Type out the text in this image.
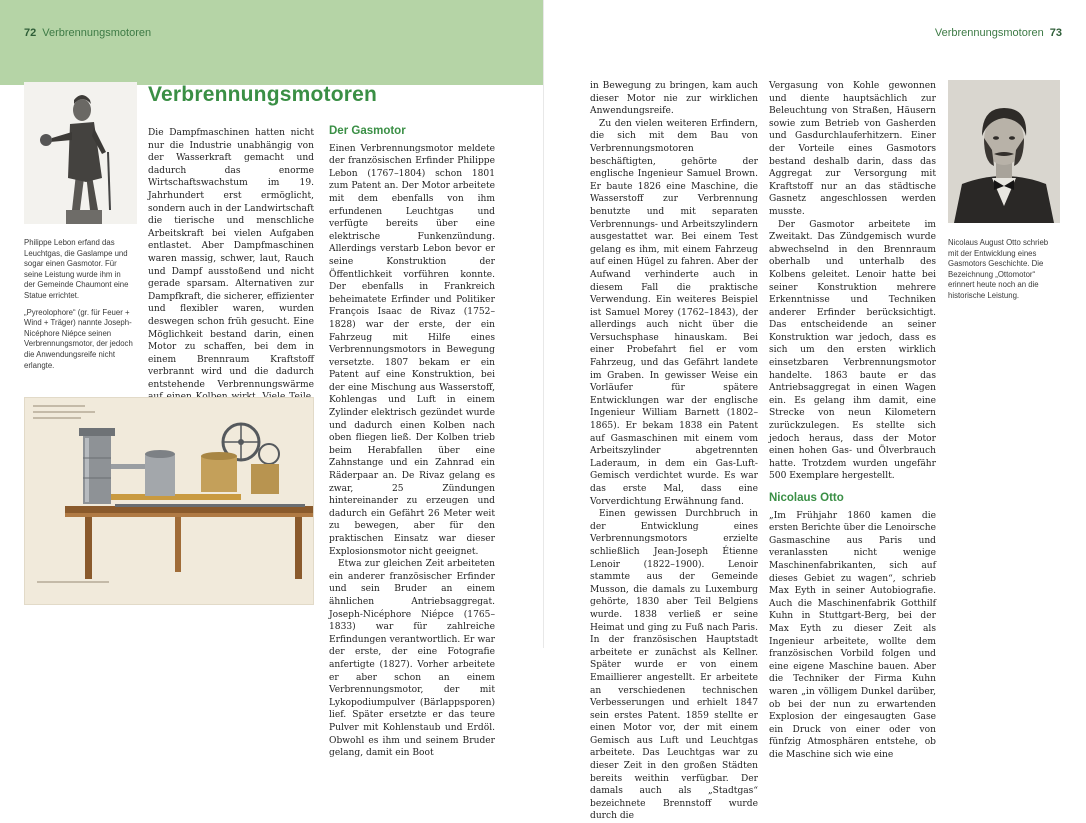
72 Verbrennungsmotoren	Verbrennungsmotoren 73
Verbrennungsmotoren

Philippe Lebon erfand das Leuchtgas, die Gaslampe und sogar einen Gasmotor. Für seine Leistung wurde ihm in der Gemeinde Chaumont eine Statue errichtet.

„Pyreolophore“ (gr. für Feuer + Wind + Träger) nannte Joseph-Nicéphore Niépce seinen Verbrennungsmotor, der jedoch die Anwendungsreife nicht erlangte.

Die Dampfmaschinen hatten nicht nur die Industrie unabhängig von der Wasserkraft gemacht und dadurch das enorme Wirtschaftswachstum im 19. Jahrhundert erst ermöglicht, sondern auch in der Landwirtschaft die tierische und menschliche Arbeitskraft bei vielen Aufgaben entlastet. Aber Dampfmaschinen waren massig, schwer, laut, Rauch und Dampf ausstoßend und nicht gerade sparsam. Alternativen zur Dampfkraft, die sicherer, effizienter und flexibler waren, wurden deswegen schon früh gesucht. Eine Möglichkeit bestand darin, einen Motor zu schaffen, bei dem in einem Brennraum Kraftstoff verbrannt wird und die dadurch entstehende Verbrennungswärme

Der Gasmotor

Einen Verbrennungsmotor meldete der französischen Erfinder Philippe Lebon (1767–1804) schon 1801 zum Patent an. Der Motor arbeitete mit dem ebenfalls von ihm erfundenen Leuchtgas und verfügte bereits über eine elektrische Funkenzündung. Allerdings verstarb Lebon bevor er seine Konstruktion der Öffentlichkeit vorführen konnte. Der ebenfalls in Frankreich beheimatete Erfinder und Politiker François Isaac de Rivaz (1752–1828) war der erste, der ein Fahrzeug mit Hilfe eines Verbrennungsmotors in Bewegung versetzte. 1807 bekam er ein Patent auf eine Konstruktion, bei der eine Mischung aus Wasserstoff, Kohlengas und Luft in einem Zylinder elektrisch gezündet wurde und dadurch einen Kolben nach oben fliegen ließ. Der Kolben trieb beim Herabfallen über eine Zahnstange und ein Zahnrad ein Räderpaar an. De Rivaz gelang es zwar, 25 Zündungen hintereinander zu erzeugen und dadurch ein Gefährt 26 Meter weit zu bewegen, aber für den praktischen Einsatz war dieser Explosionsmotor nicht geeignet.

Etwa zur gleichen Zeit arbeiteten ein anderer französischer Erfinder und sein Bruder an einem ähnlichen Antriebsaggregat. Joseph-Nicéphore Niépce (1765–1833) war für zahlreiche Erfindungen verantwortlich. Er war der erste, der eine Fotografie anfertigte (1827). Vorher arbeitete er aber schon an einem Verbrennungsmotor, der mit Lykopodiumpulver (Bärlappsporen) lief. Später ersetzte er das teure Pulver mit Kohlenstaub und Erdöl. Obwohl es ihm und seinem Bruder gelang, damit ein Boot

in Bewegung zu bringen, kam auch dieser Motor nie zur wirklichen Anwendungsreife.

Zu den vielen weiteren Erfindern, die sich mit dem Bau von Verbrennungsmotoren beschäftigten, gehörte der englische Ingenieur Samuel Brown. Er baute 1826 eine Maschine, die Wasserstoff zur Verbrennung benutzte und mit separaten Verbrennungs- und Arbeitszylindern ausgestattet war. Bei einem Test gelang es ihm, mit einem Fahrzeug auf einen Hügel zu fahren. Aber der Aufwand verhinderte auch in diesem Fall die praktische Verwendung. Ein weiteres Beispiel ist Samuel Morey (1762–1843), der allerdings auch nicht über die Versuchsphase hinauskam. Bei einer Probefahrt fiel er vom Fahrzeug, und das Gefährt landete im Graben. In gewisser Weise ein Vorläufer für spätere Entwicklungen war der englische Ingenieur William Barnett (1802–1865). Er bekam 1838 ein Patent auf Gasmaschinen mit einem vom Arbeitszylinder abgetrennten Laderaum, in dem ein Gas-Luft-Gemisch verdichtet wurde. Es war das erste Mal, dass eine Vorverdichtung Erwähnung fand.

Einen gewissen Durchbruch in der Entwicklung eines Verbrennungsmotors erzielte schließlich Jean-Joseph Étienne Lenoir (1822–1900). Lenoir stammte aus der Gemeinde Musson, die damals zu Luxemburg gehörte, 1830 aber Teil Belgiens wurde. 1838 verließ er seine Heimat und ging zu Fuß nach Paris. In der französischen Hauptstadt arbeitete er zunächst als Kellner. Später wurde er von einem Emaillierer angestellt. Er arbeitete an verschiedenen technischen Verbesserungen und erhielt 1847 sein erstes Patent. 1859 stellte er einen Motor vor, der mit einem Gemisch aus Luft und Leuchtgas arbeitete. Das Leuchtgas war zu dieser Zeit in den großen Städten bereits weithin verfügbar. Der damals auch als „Stadtgas“ bezeichnete Brennstoff wurde durch die

Vergasung von Kohle gewonnen und diente hauptsächlich zur Beleuchtung von Straßen, Häusern sowie zum Betrieb von Gasherden und Gasdurchlauferhitzern. Einer der Vorteile eines Gasmotors bestand deshalb darin, dass das Aggregat zur Versorgung mit Kraftstoff nur an das städtische Gasnetz angeschlossen werden musste.

Der Gasmotor arbeitete im Zweitakt. Das Zündgemisch wurde abwechselnd in den Brennraum oberhalb und unterhalb des Kolbens geleitet. Lenoir hatte bei seiner Konstruktion mehrere Erkenntnisse und Techniken anderer Erfinder berücksichtigt. Das entscheidende an seiner Konstruktion war jedoch, dass es sich um den ersten wirklich einsetzbaren Verbrennungsmotor handelte. 1863 baute er das Antriebsaggregat in einen Wagen ein. Es gelang ihm damit, eine Strecke von neun Kilometern zurückzulegen. Es stellte sich jedoch heraus, dass der Motor einen hohen Gas- und Ölverbrauch hatte. Trotzdem wurden ungefähr 500 Exemplare hergestellt.

Nicolaus Otto

„Im Frühjahr 1860 kamen die ersten Berichte über die Lenoirsche Gasmaschine aus Paris und veranlassten nicht wenige Maschinenfabrikanten, sich auf dieses Gebiet zu wagen“, schrieb Max Eyth in seiner Autobiografie. Auch die Maschinenfabrik Gotthilf Kuhn in Stuttgart-Berg, bei der Max Eyth zu dieser Zeit als Ingenieur arbeitete, wollte dem französischen Vorbild folgen und eine eigene Maschine bauen. Aber die Techniker der Firma Kuhn waren „in völligem Dunkel darüber, ob bei der nun zu erwartenden Explosion der eingesaugten Gase ein Druck von einer oder von fünfzig Atmosphären entstehe, ob die Maschine sich wie eine

Nicolaus August Otto schrieb mit der Entwicklung eines Gasmotors Geschichte. Die Bezeichnung „Ottomotor“ erinnert heute noch an die historische Leistung.
